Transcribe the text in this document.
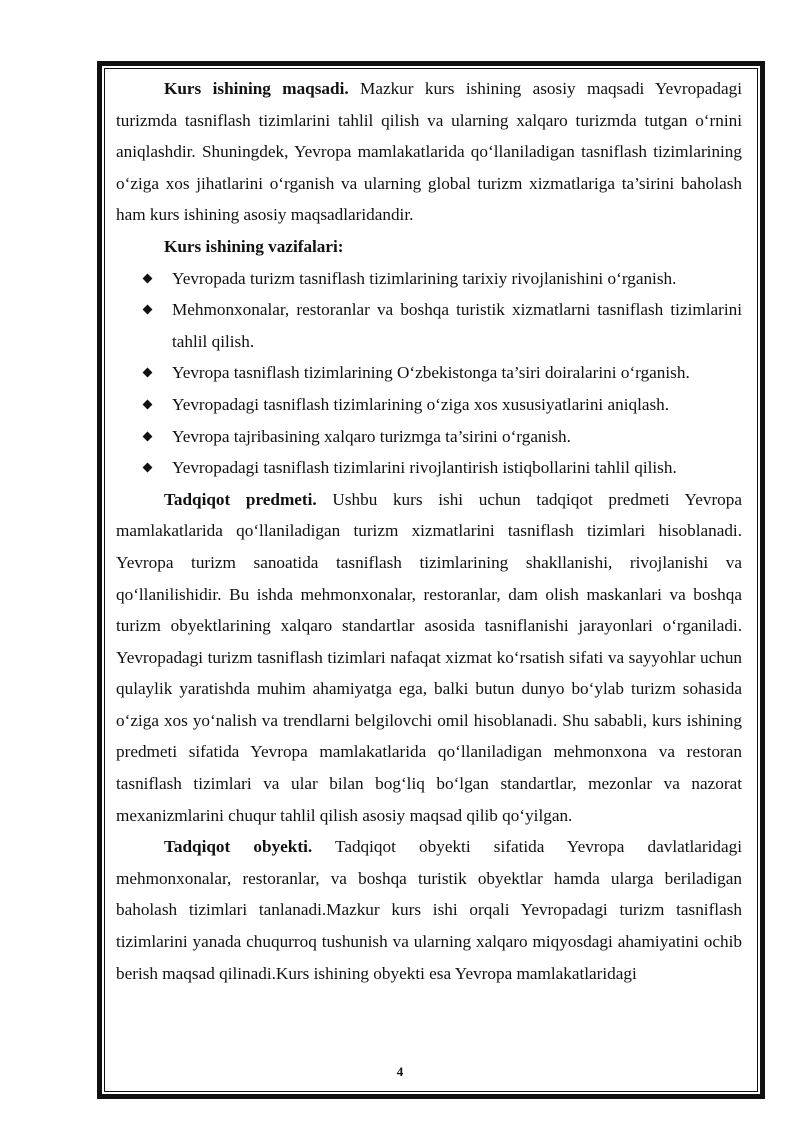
Kurs ishining maqsadi. Mazkur kurs ishining asosiy maqsadi Yevropadagi turizmda tasniflash tizimlarini tahlil qilish va ularning xalqaro turizmda tutgan o‘rnini aniqlashdir. Shuningdek, Yevropa mamlakatlarida qo‘llaniladigan tasniflash tizimlarining o‘ziga xos jihatlarini o‘rganish va ularning global turizm xizmatlariga ta’sirini baholash ham kurs ishining asosiy maqsadlaridandir.

Kurs ishining vazifalari:

Yevropada turizm tasniflash tizimlarining tarixiy rivojlanishini o‘rganish.
Mehmonxonalar, restoranlar va boshqa turistik xizmatlarni tasniflash tizimlarini tahlil qilish.
Yevropa tasniflash tizimlarining O‘zbekistonga ta’siri doiralarini o‘rganish.
Yevropadagi tasniflash tizimlarining o‘ziga xos xususiyatlarini aniqlash.
Yevropa tajribasining xalqaro turizmga ta’sirini o‘rganish.
Yevropadagi tasniflash tizimlarini rivojlantirish istiqbollarini tahlil qilish.

Tadqiqot predmeti. Ushbu kurs ishi uchun tadqiqot predmeti Yevropa mamlakatlarida qo‘llaniladigan turizm xizmatlarini tasniflash tizimlari hisoblanadi. Yevropa turizm sanoatida tasniflash tizimlarining shakllanishi, rivojlanishi va qo‘llanilishidir. Bu ishda mehmonxonalar, restoranlar, dam olish maskanlari va boshqa turizm obyektlarining xalqaro standartlar asosida tasniflanishi jarayonlari o‘rganiladi. Yevropadagi turizm tasniflash tizimlari nafaqat xizmat ko‘rsatish sifati va sayyohlar uchun qulaylik yaratishda muhim ahamiyatga ega, balki butun dunyo bo‘ylab turizm sohasida o‘ziga xos yo‘nalish va trendlarni belgilovchi omil hisoblanadi. Shu sababli, kurs ishining predmeti sifatida Yevropa mamlakatlarida qo‘llaniladigan mehmonxona va restoran tasniflash tizimlari va ular bilan bog‘liq bo‘lgan standartlar, mezonlar va nazorat mexanizmlarini chuqur tahlil qilish asosiy maqsad qilib qo‘yilgan.

Tadqiqot obyekti. Tadqiqot obyekti sifatida Yevropa davlatlaridagi mehmonxonalar, restoranlar, va boshqa turistik obyektlar hamda ularga beriladigan baholash tizimlari tanlanadi.Mazkur kurs ishi orqali Yevropadagi turizm tasniflash tizimlarini yanada chuqurroq tushunish va ularning xalqaro miqyosdagi ahamiyatini ochib berish maqsad qilinadi.Kurs ishining obyekti esa Yevropa mamlakatlaridagi

4
